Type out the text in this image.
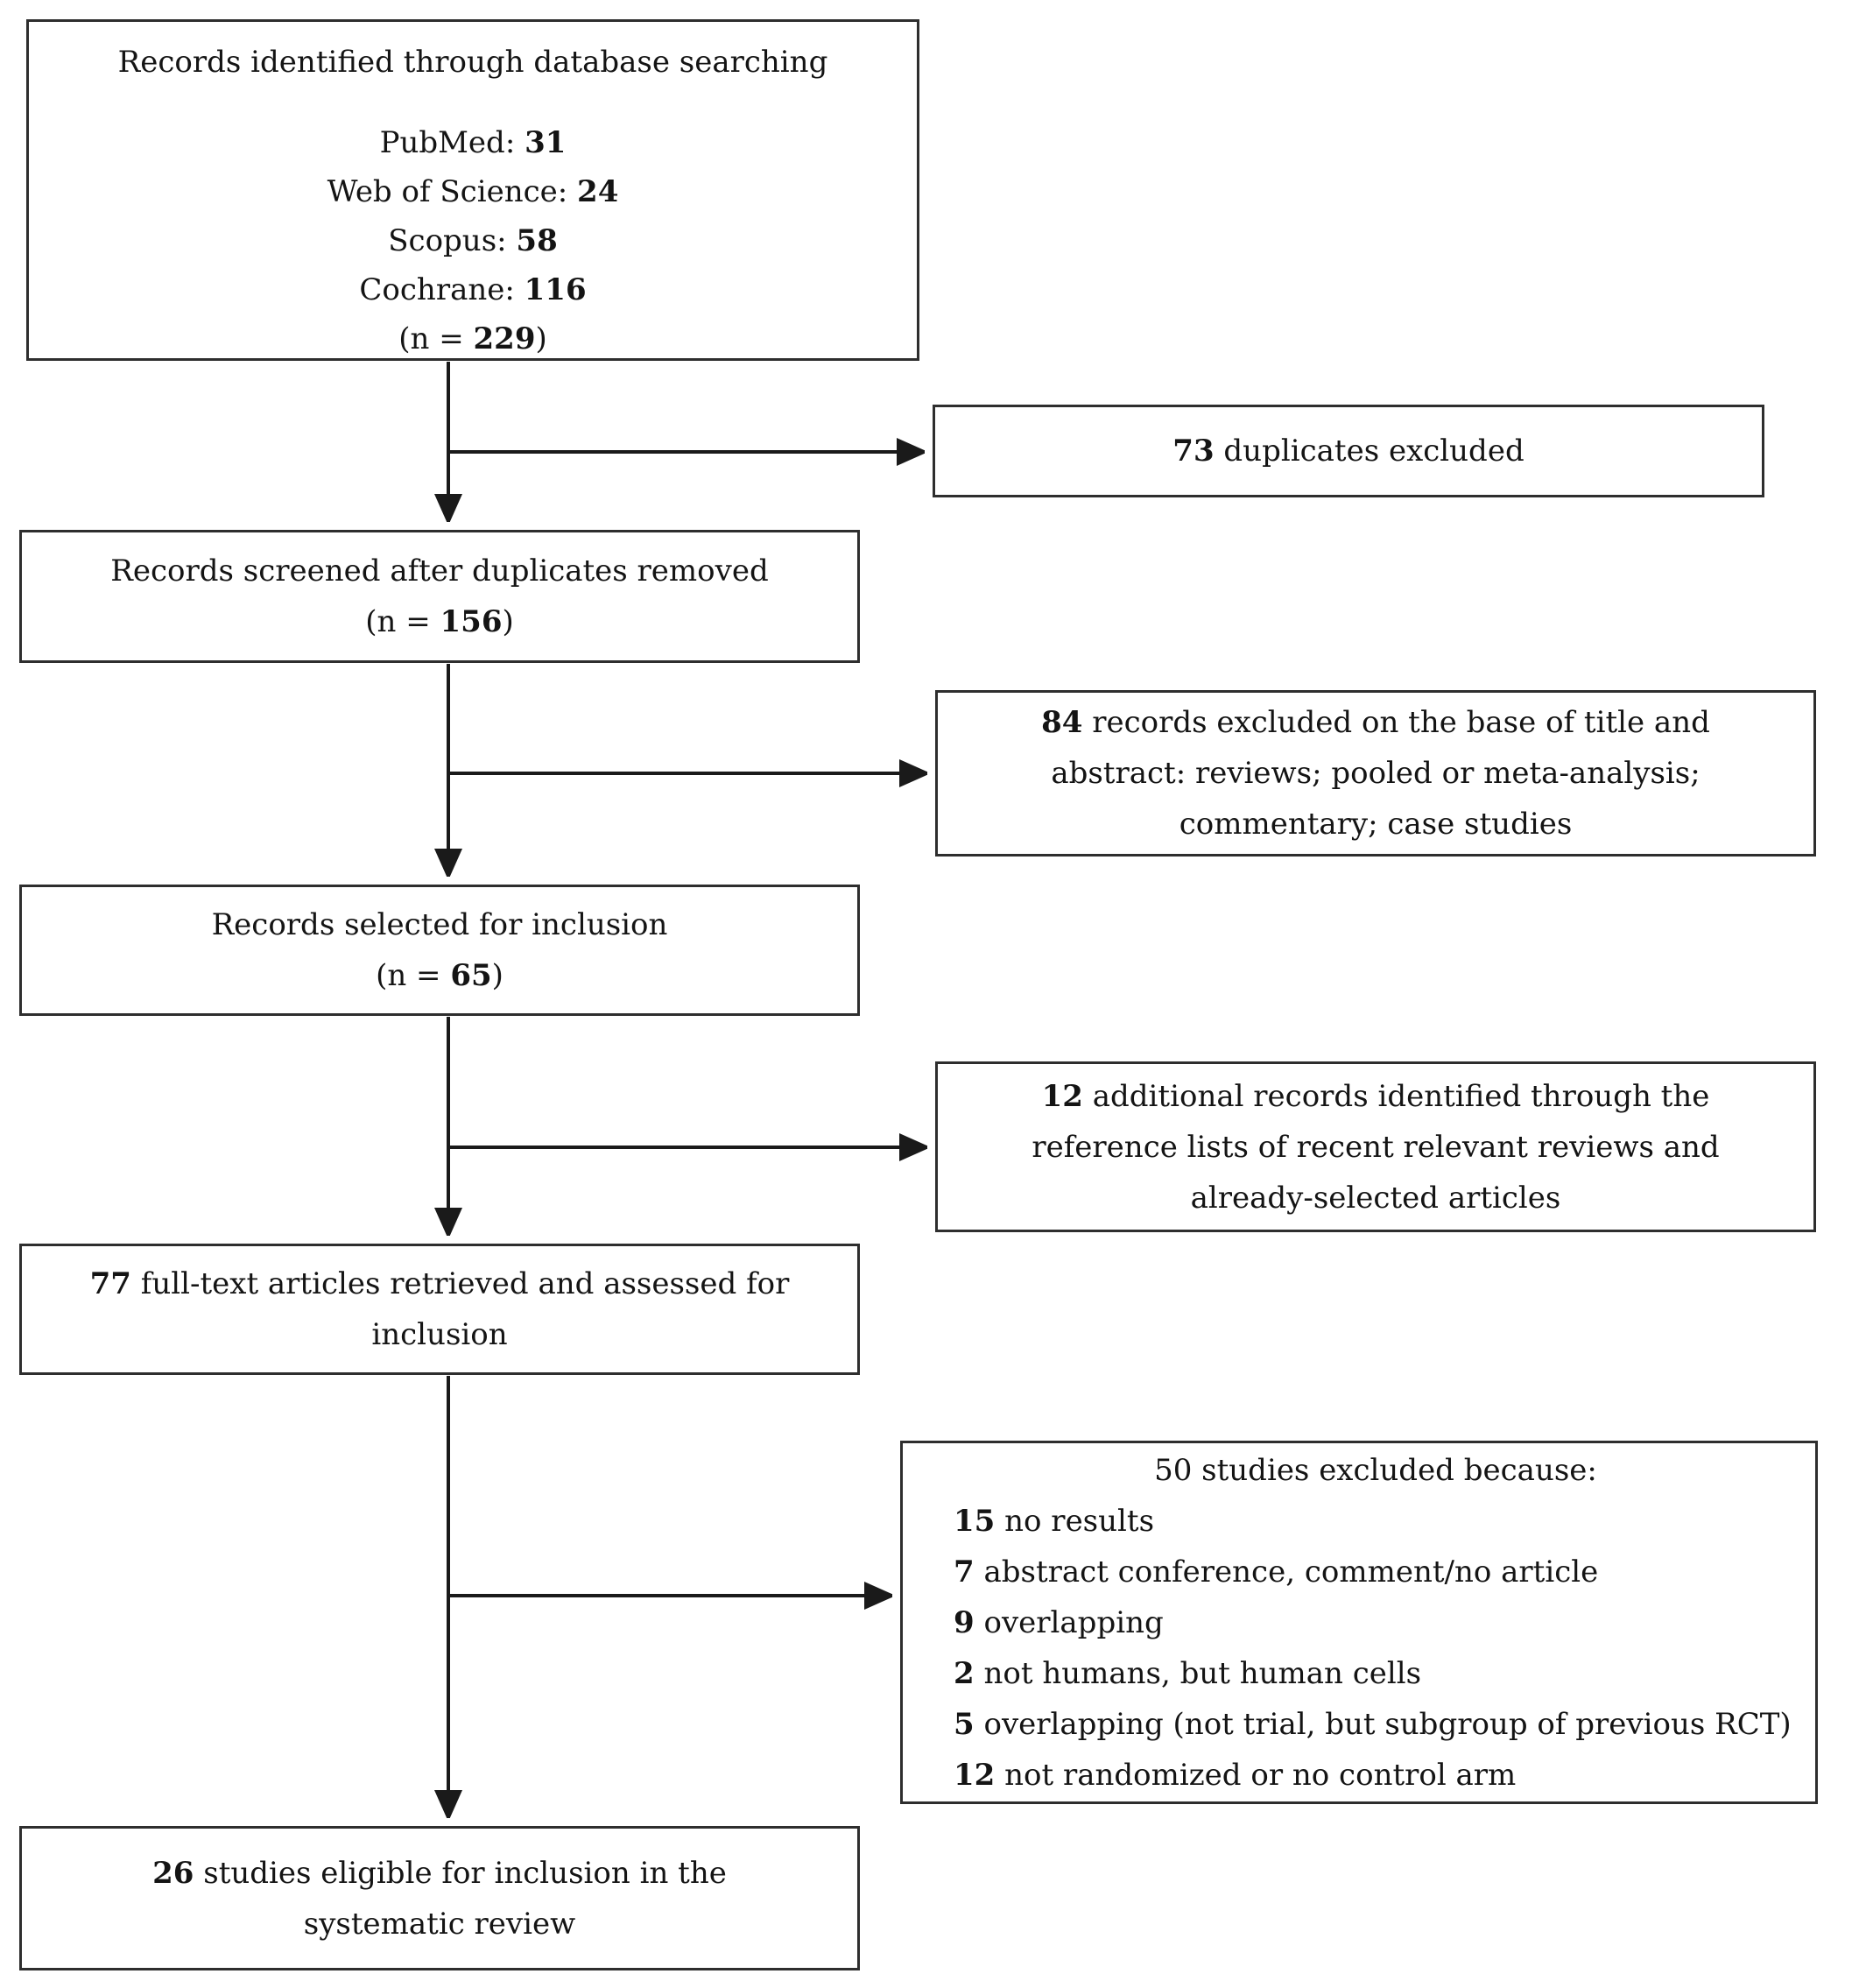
Records identified through database searching
PubMed: 31
Web of Science: 24
Scopus: 58
Cochrane: 116
(n = 229)
73 duplicates excluded
Records screened after duplicates removed
(n = 156)
84 records excluded on the base of title and
abstract: reviews; pooled or meta-analysis;
commentary; case studies
Records selected for inclusion
(n = 65)
12 additional records identified through the
reference lists of recent relevant reviews and
already-selected articles
77 full-text articles retrieved and assessed for
inclusion
50 studies excluded because:
15 no results
7 abstract conference, comment/no article
9 overlapping
2 not humans, but human cells
5 overlapping (not trial, but subgroup of previous RCT)
12 not randomized or no control arm
26 studies eligible for inclusion in the
systematic review
